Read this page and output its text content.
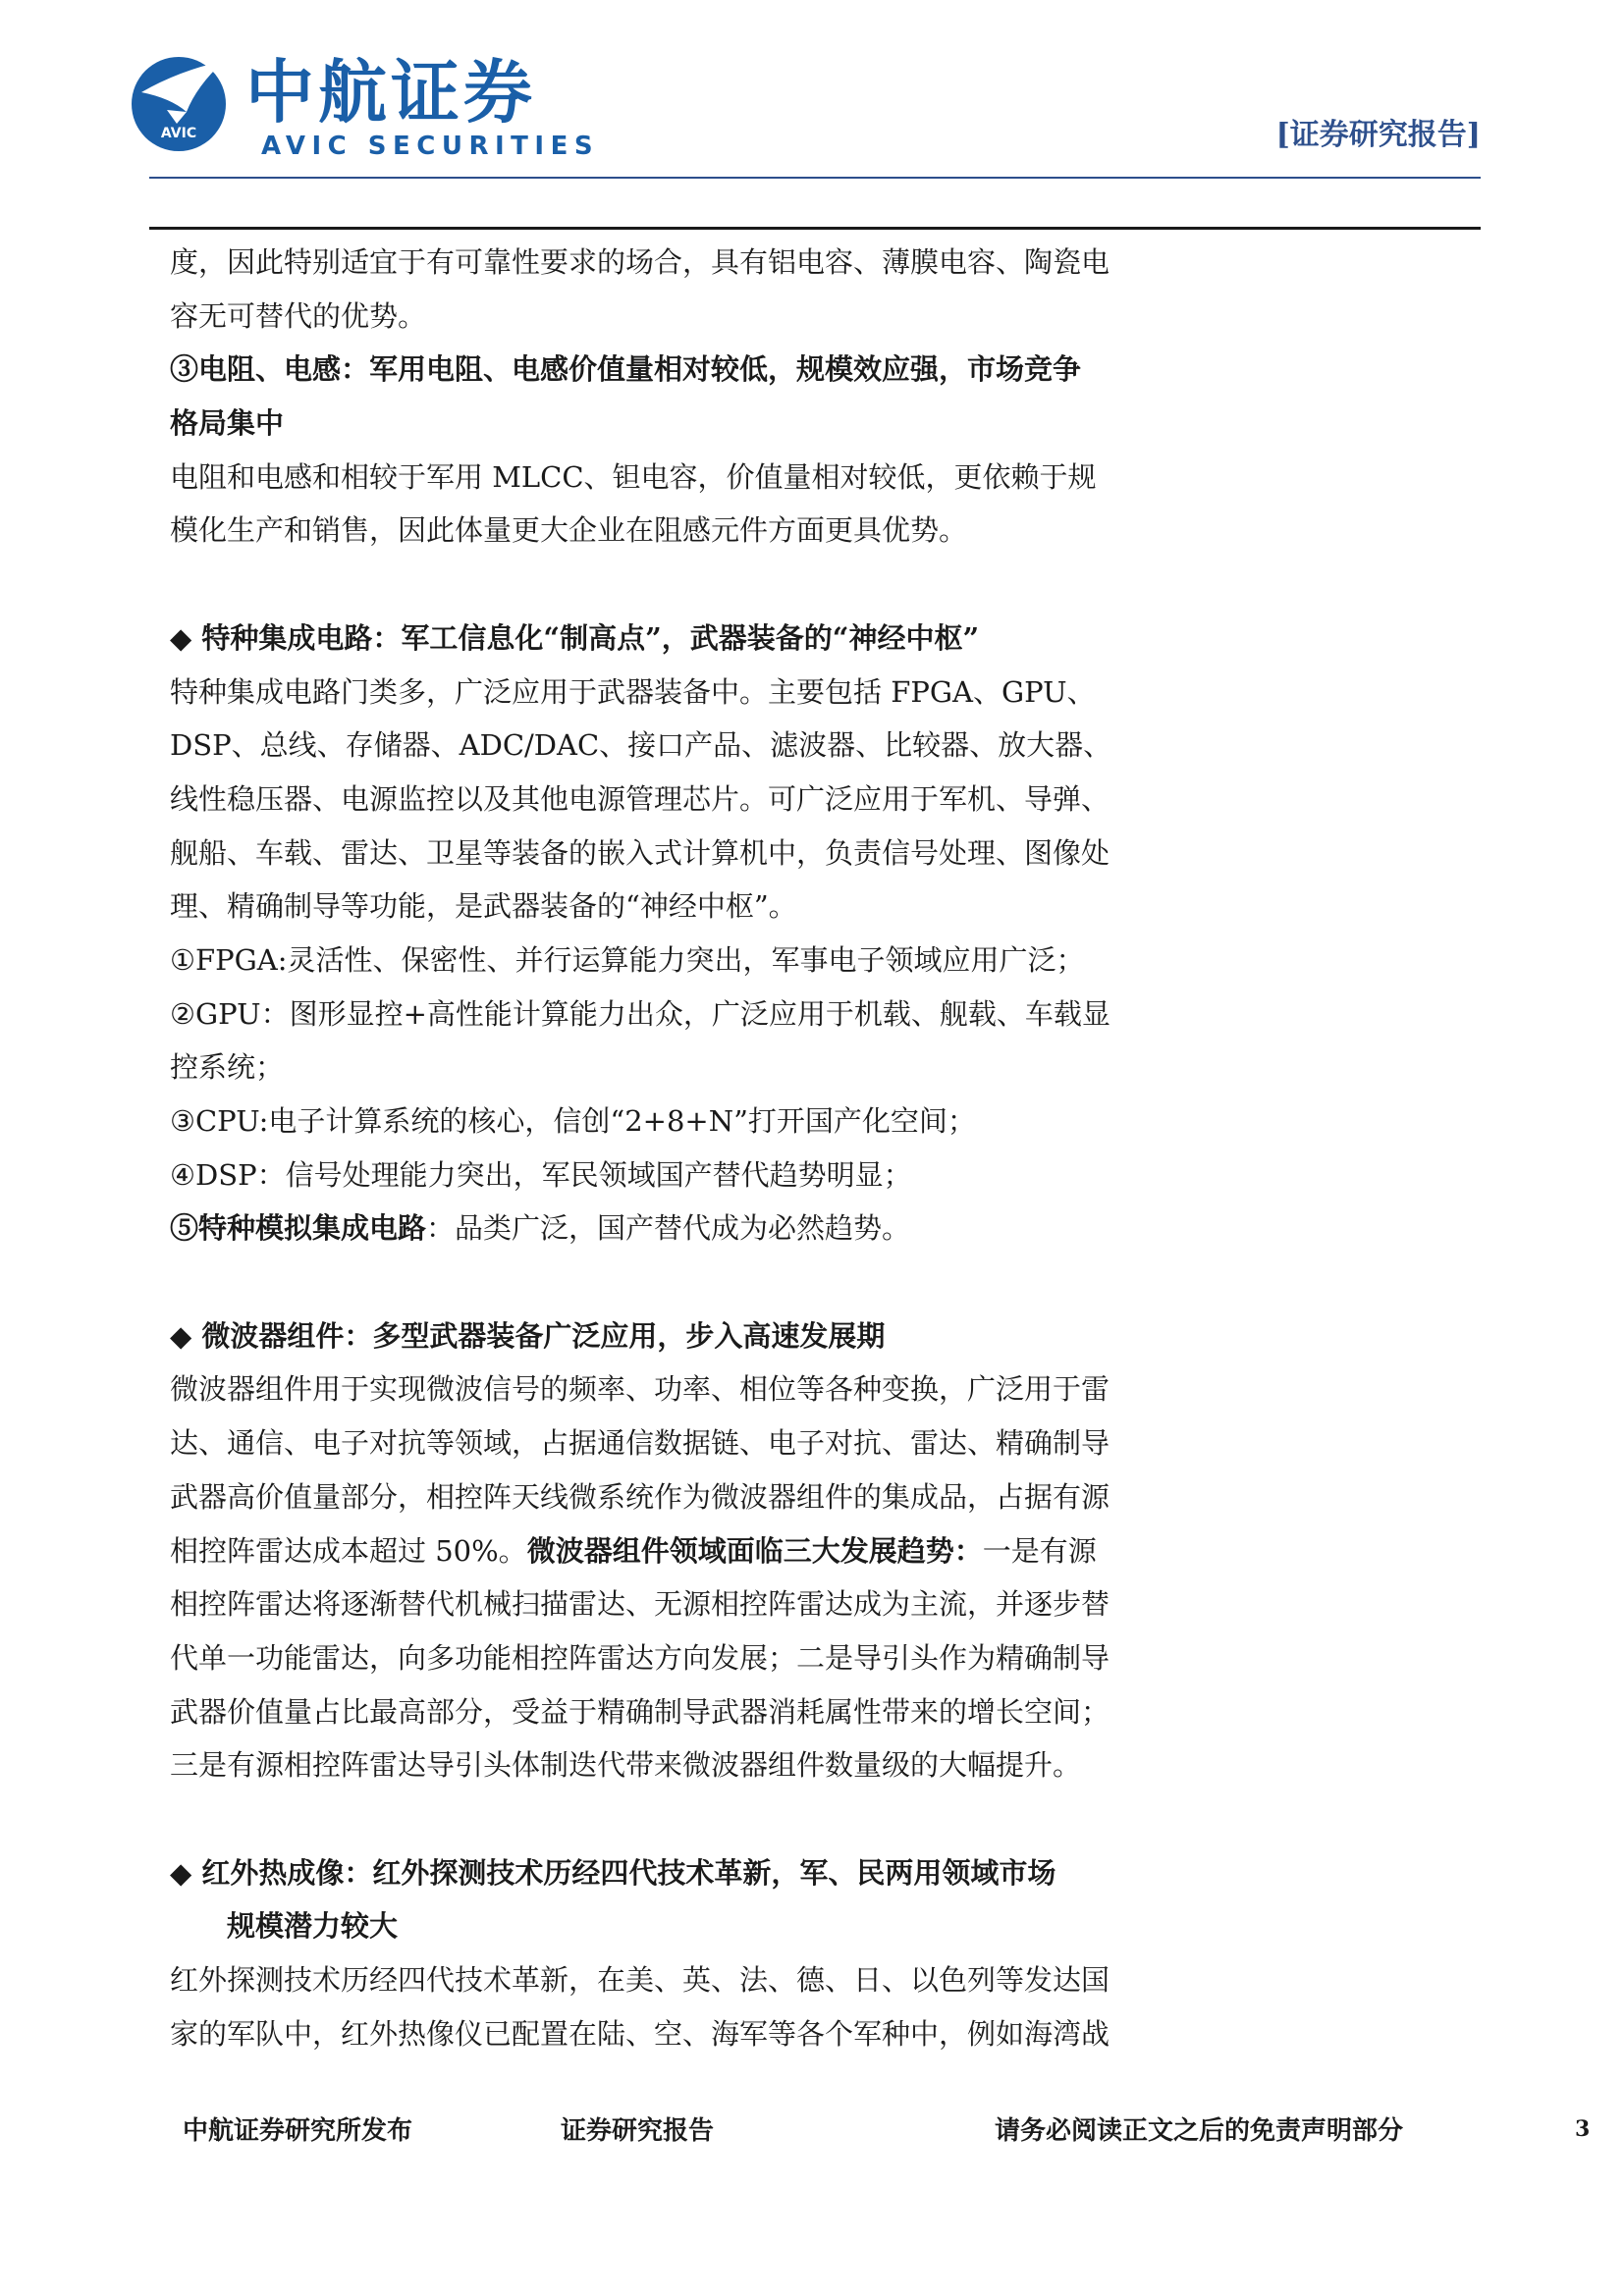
AVIC
中航证券
AVIC SECURITIES	[证券研究报告]
度，因此特别适宜于有可靠性要求的场合，具有铝电容、薄膜电容、陶瓷电
容无可替代的优势。
③电阻、电感：军用电阻、电感价值量相对较低，规模效应强，市场竞争
格局集中
电阻和电感和相较于军用 MLCC、钽电容，价值量相对较低，更依赖于规
模化生产和销售，因此体量更大企业在阻感元件方面更具优势。
◆ 特种集成电路：军工信息化“制高点”，武器装备的“神经中枢”
特种集成电路门类多，广泛应用于武器装备中。主要包括 FPGA、GPU、
DSP、总线、存储器、ADC/DAC、接口产品、滤波器、比较器、放大器、
线性稳压器、电源监控以及其他电源管理芯片。可广泛应用于军机、导弹、
舰船、车载、雷达、卫星等装备的嵌入式计算机中，负责信号处理、图像处
理、精确制导等功能，是武器装备的“神经中枢”。
①FPGA:灵活性、保密性、并行运算能力突出，军事电子领域应用广泛；
②GPU：图形显控+高性能计算能力出众，广泛应用于机载、舰载、车载显
控系统；
③CPU:电子计算系统的核心，信创“2+8+N”打开国产化空间；
④DSP：信号处理能力突出，军民领域国产替代趋势明显；
⑤特种模拟集成电路：品类广泛，国产替代成为必然趋势。
◆ 微波器组件：多型武器装备广泛应用，步入高速发展期
微波器组件用于实现微波信号的频率、功率、相位等各种变换，广泛用于雷
达、通信、电子对抗等领域，占据通信数据链、电子对抗、雷达、精确制导
武器高价值量部分，相控阵天线微系统作为微波器组件的集成品，占据有源
相控阵雷达成本超过 50%。微波器组件领域面临三大发展趋势：一是有源
相控阵雷达将逐渐替代机械扫描雷达、无源相控阵雷达成为主流，并逐步替
代单一功能雷达，向多功能相控阵雷达方向发展；二是导引头作为精确制导
武器价值量占比最高部分，受益于精确制导武器消耗属性带来的增长空间；
三是有源相控阵雷达导引头体制迭代带来微波器组件数量级的大幅提升。
◆ 红外热成像：红外探测技术历经四代技术革新，军、民两用领域市场
规模潜力较大
红外探测技术历经四代技术革新，在美、英、法、德、日、以色列等发达国
家的军队中，红外热像仪已配置在陆、空、海军等各个军种中，例如海湾战
中航证券研究所发布	证券研究报告	请务必阅读正文之后的免责声明部分	3
